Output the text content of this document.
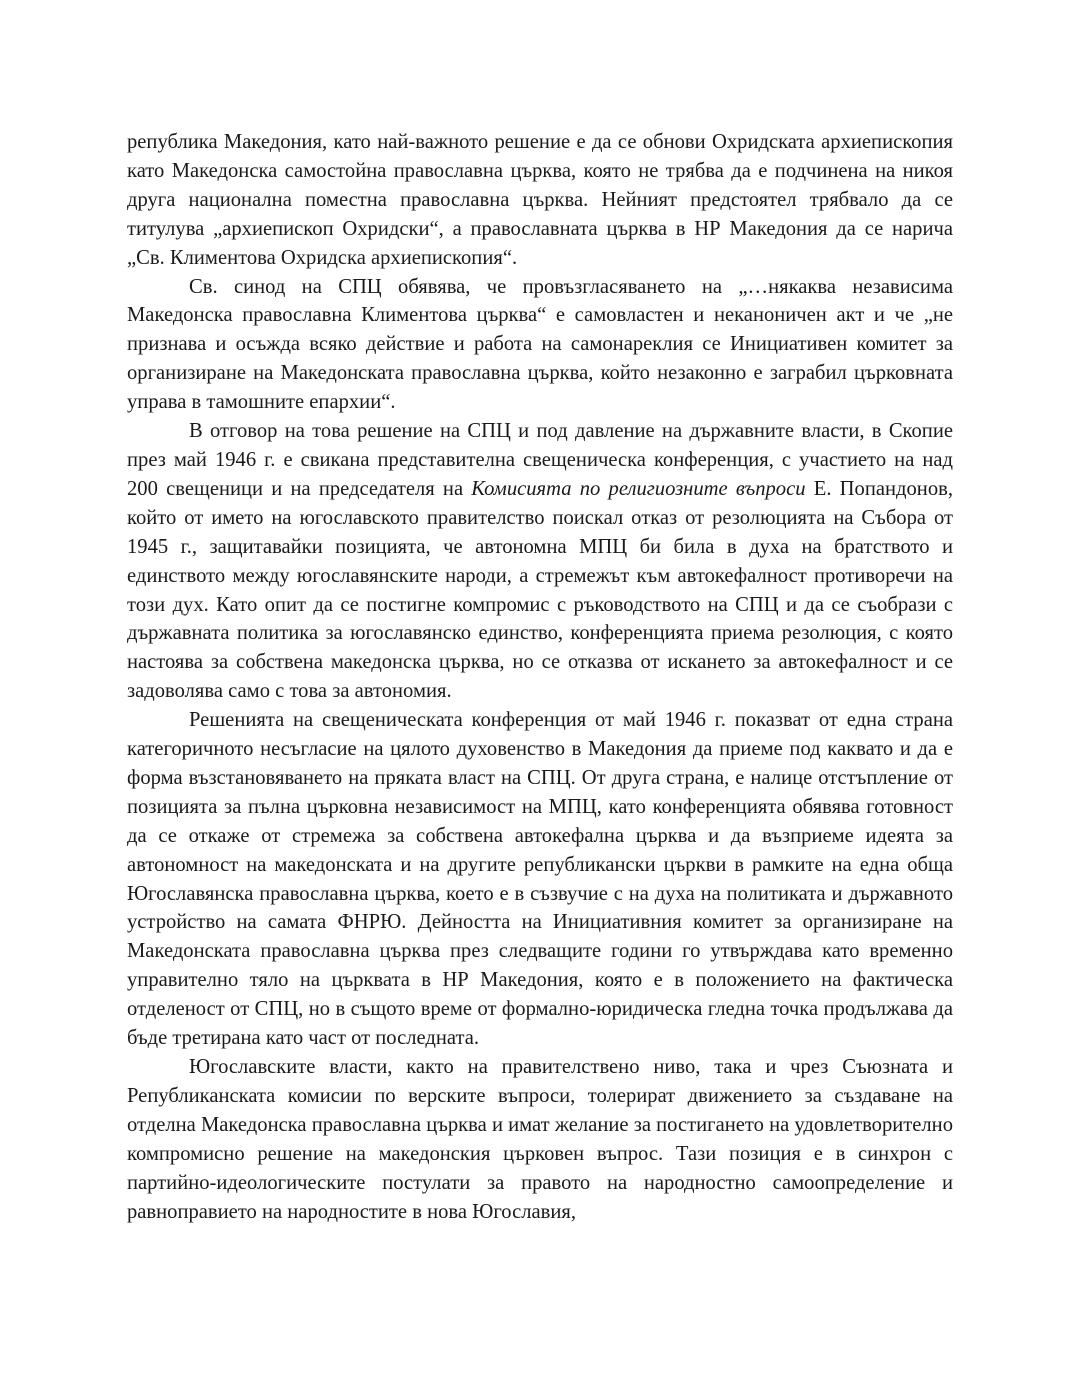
република Македония, като най-важното решение е да се обнови Охридската архиепископия като Македонска самостойна православна църква, която не трябва да е подчинена на никоя друга национална поместна православна църква. Нейният предстоятел трябвало да се титулува „архиепископ Охридски“, а православната църква в НР Македония да се нарича „Св. Климентова Охридска архиепископия“.

Св. синод на СПЦ обявява, че провъзгласяването на „…някаква независима Македонска православна Климентова църква“ е самовластен и неканоничен акт и че „не признава и осъжда всяко действие и работа на самонареклия се Инициативен комитет за организиране на Македонската православна църква, който незаконно е заграбил църковната управа в тамошните епархии“.

В отговор на това решение на СПЦ и под давление на държавните власти, в Скопие през май 1946 г. е свикана представителна свещеническа конференция, с участието на над 200 свещеници и на председателя на Комисията по религиозните въпроси Е. Попандонов, който от името на югославското правителство поискал отказ от резолюцията на Събора от 1945 г., защитавайки позицията, че автономна МПЦ би била в духа на братството и единството между югославянските народи, а стремежът към автокефалност противоречи на този дух. Като опит да се постигне компромис с ръководството на СПЦ и да се съобрази с държавната политика за югославянско единство, конференцията приема резолюция, с която настоява за собствена македонска църква, но се отказва от искането за автокефалност и се задоволява само с това за автономия.

Решенията на свещеническата конференция от май 1946 г. показват от една страна категоричното несъгласие на цялото духовенство в Македония да приеме под каквато и да е форма възстановяването на пряката власт на СПЦ. От друга страна, е налице отстъпление от позицията за пълна църковна независимост на МПЦ, като конференцията обявява готовност да се откаже от стремежа за собствена автокефална църква и да възприеме идеята за автономност на македонската и на другите републикански църкви в рамките на една обща Югославянска православна църква, което е в съзвучие с на духа на политиката и държавното устройство на самата ФНРЮ. Дейността на Инициативния комитет за организиране на Македонската православна църква през следващите години го утвърждава като временно управително тяло на църквата в НР Македония, която е в положението на фактическа отделеност от СПЦ, но в същото време от формално-юридическа гледна точка продължава да бъде третирана като част от последната.

Югославските власти, както на правителствено ниво, така и чрез Съюзната и Републиканската комисии по верските въпроси, толерират движението за създаване на отделна Македонска православна църква и имат желание за постигането на удовлетворително компромисно решение на македонския църковен въпрос. Тази позиция е в синхрон с партийно-идеологическите постулати за правото на народностно самоопределение и равноправието на народностите в нова Югославия,
